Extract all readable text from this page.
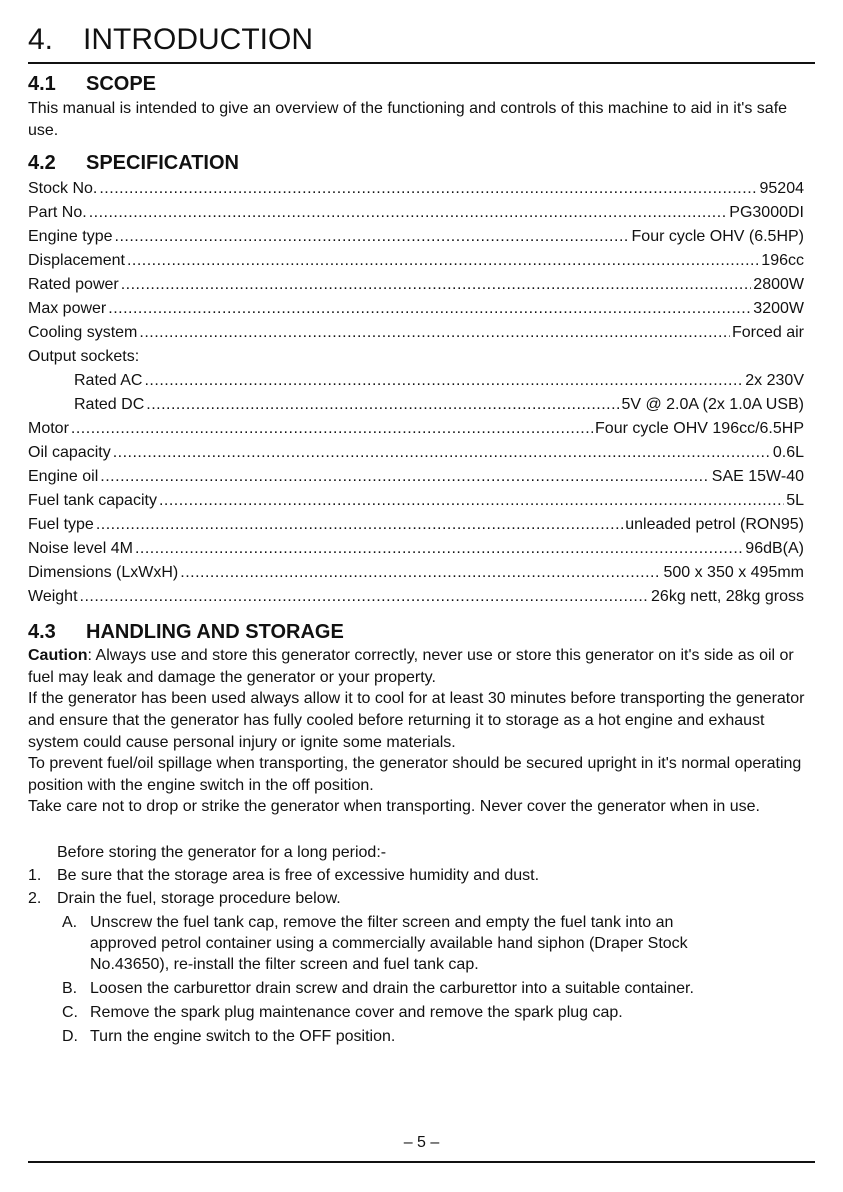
4. INTRODUCTION
4.1 SCOPE

This manual is intended to give an overview of the functioning and controls of this machine to aid in it's safe use.

4.2 SPECIFICATION
Stock No. .....	95204
Part No. .....	PG3000DI
Engine type .....	Four cycle OHV (6.5HP)
Displacement .....	196cc
Rated power .....	2800W
Max power .....	3200W
Cooling system .....	Forced air
Output sockets:
Rated AC .....	2x 230V
Rated DC .....	5V @ 2.0A (2x 1.0A USB)
Motor .....	Four cycle OHV 196cc/6.5HP
Oil capacity .....	0.6L
Engine oil .....	SAE 15W-40
Fuel tank capacity .....	5L
Fuel type .....	unleaded petrol (RON95)
Noise level 4M .....	96dB(A)
Dimensions (LxWxH) .....	500 x 350 x 495mm
Weight .....	26kg nett, 28kg gross
4.3 HANDLING AND STORAGE

Caution: Always use and store this generator correctly, never use or store this generator on it's side as oil or fuel may leak and damage the generator or your property.

If the generator has been used always allow it to cool for at least 30 minutes before transporting the generator and ensure that the generator has fully cooled before returning it to storage as a hot engine and exhaust system could cause personal injury or ignite some materials.

To prevent fuel/oil spillage when transporting, the generator should be secured upright in it's normal operating position with the engine switch in the off position.

Take care not to drop or strike the generator when transporting. Never cover the generator when in use.

Before storing the generator for a long period:-
1. Be sure that the storage area is free of excessive humidity and dust.
2. Drain the fuel, storage procedure below.
A. Unscrew the fuel tank cap, remove the filter screen and empty the fuel tank into an
approved petrol container using a commercially available hand siphon (Draper Stock
No.43650), re-install the filter screen and fuel tank cap.
B. Loosen the carburettor drain screw and drain the carburettor into a suitable container.
C. Remove the spark plug maintenance cover and remove the spark plug cap.
D. Turn the engine switch to the OFF position.
– 5 –
